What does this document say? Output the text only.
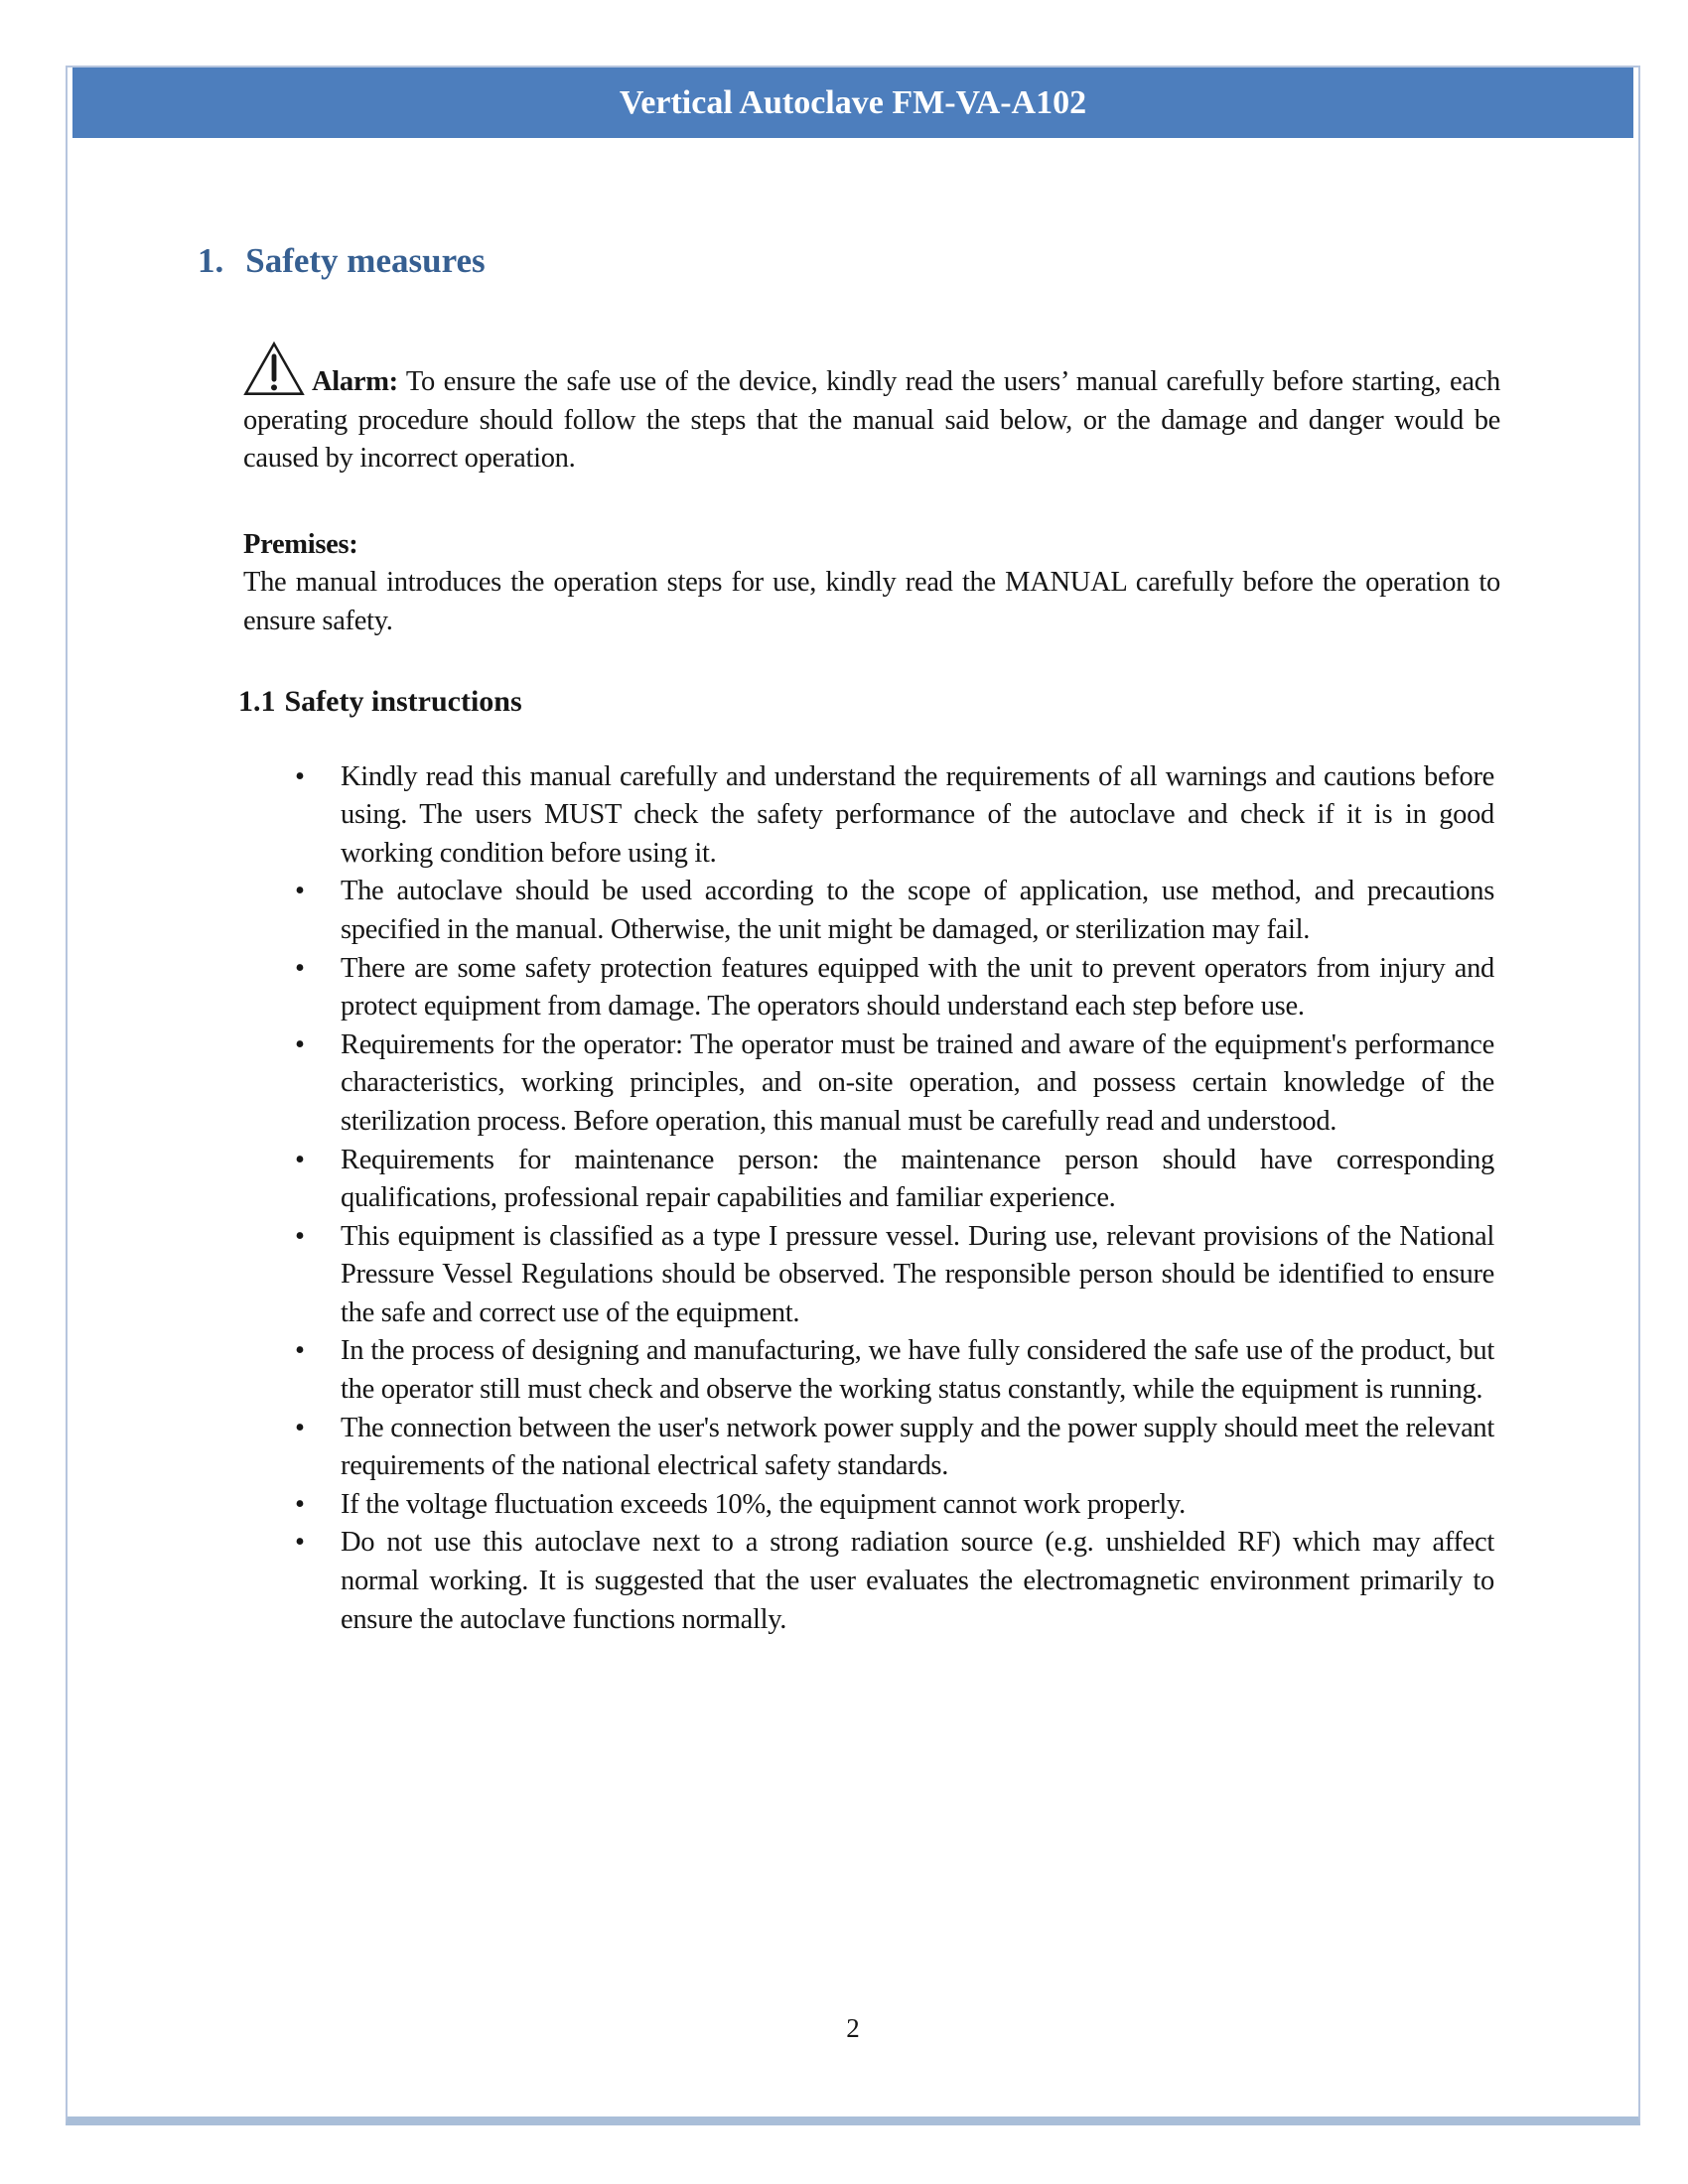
Vertical Autoclave FM-VA-A102
1. Safety measures

Alarm: To ensure the safe use of the device, kindly read the users’ manual carefully before starting, each operating procedure should follow the steps that the manual said below, or the damage and danger would be caused by incorrect operation.

Premises:

The manual introduces the operation steps for use, kindly read the MANUAL carefully before the operation to ensure safety.

1.1 Safety instructions
•	Kindly read this manual carefully and understand the requirements of all warnings and cautions before using. The users MUST check the safety performance of the autoclave and check if it is in good working condition before using it.
•	The autoclave should be used according to the scope of application, use method, and precautions specified in the manual. Otherwise, the unit might be damaged, or sterilization may fail.
•	There are some safety protection features equipped with the unit to prevent operators from injury and protect equipment from damage. The operators should understand each step before use.
•	Requirements for the operator: The operator must be trained and aware of the equipment's performance characteristics, working principles, and on-site operation, and possess certain knowledge of the sterilization process. Before operation, this manual must be carefully read and understood.
•	Requirements for maintenance person: the maintenance person should have corresponding qualifications, professional repair capabilities and familiar experience.
•	This equipment is classified as a type I pressure vessel. During use, relevant provisions of the National Pressure Vessel Regulations should be observed. The responsible person should be identified to ensure the safe and correct use of the equipment.
•	In the process of designing and manufacturing, we have fully considered the safe use of the product, but the operator still must check and observe the working status constantly, while the equipment is running.
•	The connection between the user's network power supply and the power supply should meet the relevant requirements of the national electrical safety standards.
•	If the voltage fluctuation exceeds 10%, the equipment cannot work properly.
•	Do not use this autoclave next to a strong radiation source (e.g. unshielded RF) which may affect normal working. It is suggested that the user evaluates the electromagnetic environment primarily to ensure the autoclave functions normally.
2
